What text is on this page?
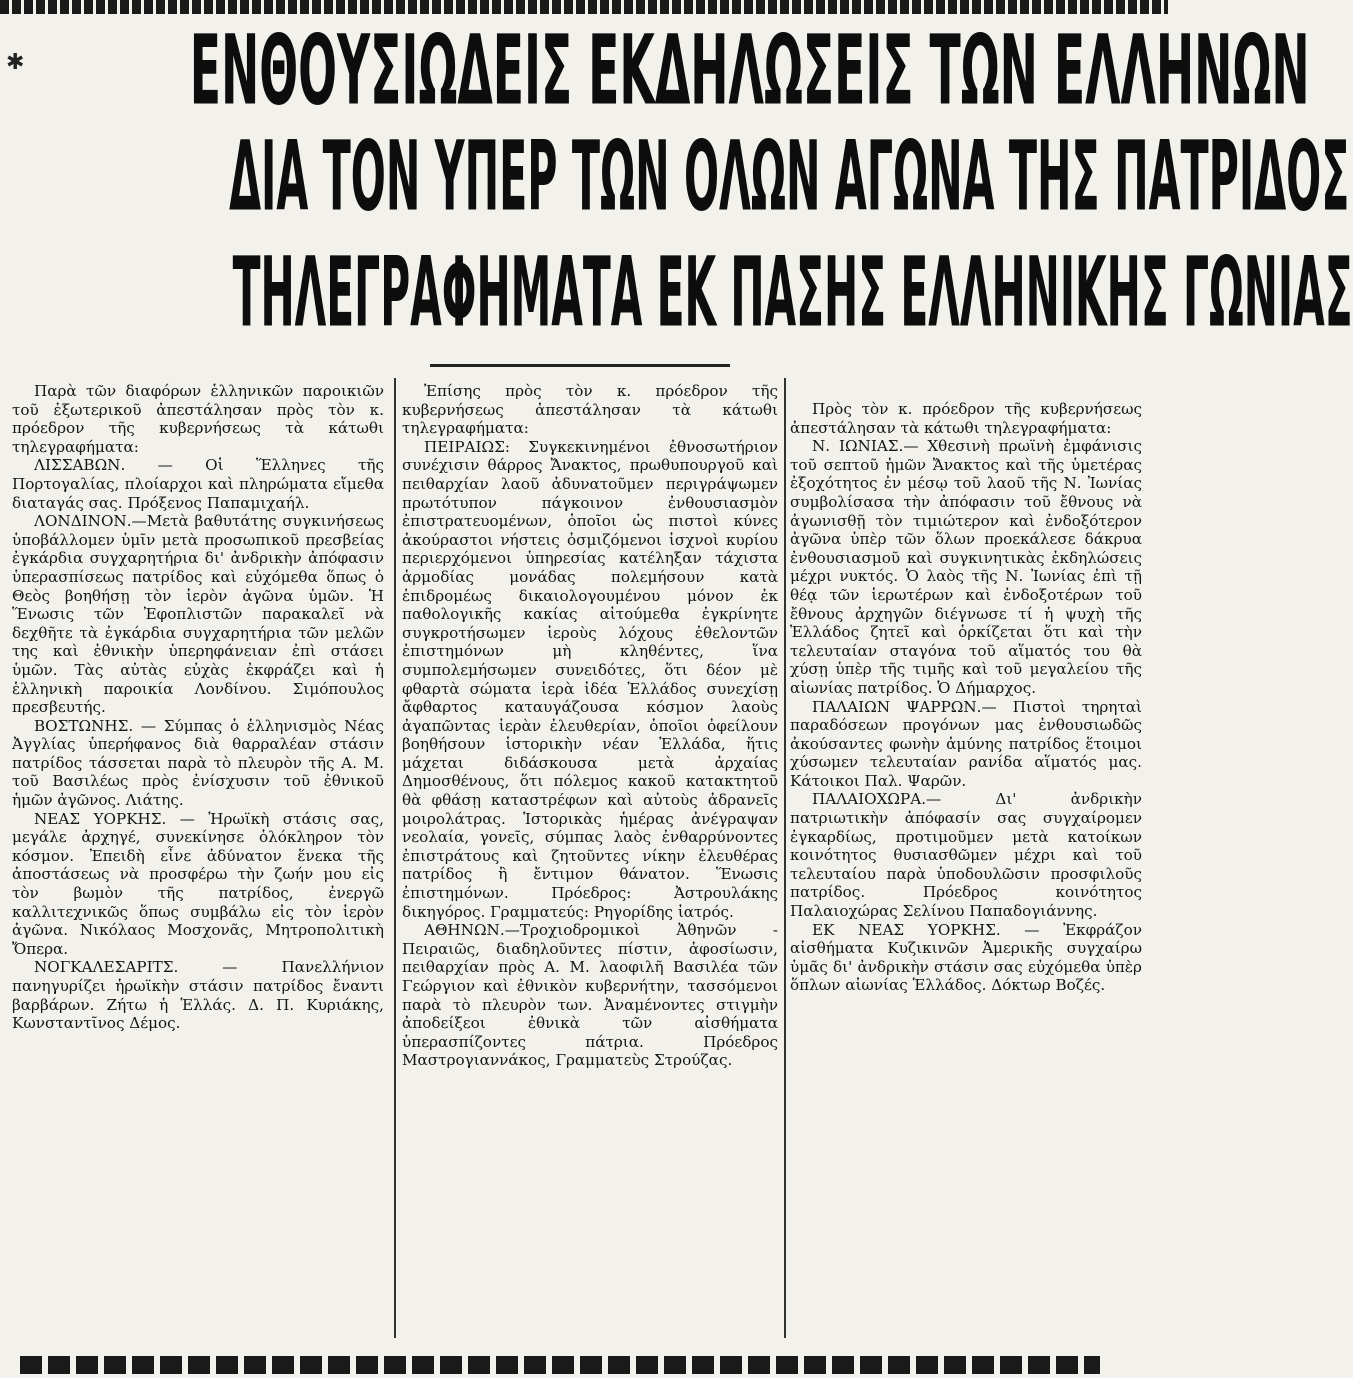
✱	ΕΝΘΟΥΣΙΩΔΕΙΣ ΕΚΔΗΛΩΣΕΙΣ ΤΩΝ ΕΛΛΗΝΩΝ
ΔΙΑ ΤΟΝ ΥΠΕΡ ΤΩΝ ΟΛΩΝ ΑΓΩΝΑ ΤΗΣ ΠΑΤΡΙΔΟΣ
ΤΗΛΕΓΡΑΦΗΜΑΤΑ ΕΚ ΠΑΣΗΣ ΕΛΛΗΝΙΚΗΣ ΓΩΝΙΑΣ

Παρὰ τῶν διαφόρων ἑλληνικῶν παροικιῶν τοῦ ἐξωτερικοῦ ἀπεστάλησαν πρὸς τὸν κ. πρόεδρον τῆς κυβερνήσεως τὰ κάτωθι τηλεγραφήματα:

ΛΙΣΣΑΒΩΝ. — Οἱ Ἕλληνες τῆς Πορτογαλίας, πλοίαρχοι καὶ πληρώματα εἴμεθα διαταγάς σας. Πρόξενος Παπαμιχαήλ.

ΛΟΝΔΙΝΟΝ.—Μετὰ βαθυτάτης συγκινήσεως ὑποβάλλομεν ὑμῖν μετὰ προσωπικοῦ πρεσβείας ἐγκάρδια συγχαρητήρια δι' ἀνδρικὴν ἀπόφασιν ὑπερασπίσεως πατρίδος καὶ εὐχόμεθα ὅπως ὁ Θεὸς βοηθήσῃ τὸν ἱερὸν ἀγῶνα ὑμῶν. Ἡ Ἕνωσις τῶν Ἐφοπλιστῶν παρακαλεῖ νὰ δεχθῆτε τὰ ἐγκάρδια συγχαρητήρια τῶν μελῶν της καὶ ἐθνικὴν ὑπερηφάνειαν ἐπὶ στάσει ὑμῶν. Τὰς αὐτὰς εὐχὰς ἐκφράζει καὶ ἡ ἑλληνικὴ παροικία Λονδίνου. Σιμόπουλος πρεσβευτής.

ΒΟΣΤΩΝΗΣ. — Σύμπας ὁ ἑλληνισμὸς Νέας Ἀγγλίας ὑπερήφανος διὰ θαρραλέαν στάσιν πατρίδος τάσσεται παρὰ τὸ πλευρὸν τῆς Α. Μ. τοῦ Βασιλέως πρὸς ἐνίσχυσιν τοῦ ἐθνικοῦ ἡμῶν ἀγῶνος. Λιάτης.

ΝΕΑΣ ΥΟΡΚΗΣ. — Ἡρωϊκὴ στάσις σας, μεγάλε ἀρχηγέ, συνεκίνησε ὁλόκληρον τὸν κόσμον. Ἐπειδὴ εἶνε ἀδύνατον ἕνεκα τῆς ἀποστάσεως νὰ προσφέρω τὴν ζωήν μου εἰς τὸν βωμὸν τῆς πατρίδος, ἐνεργῶ καλλιτεχνικῶς ὅπως συμβάλω εἰς τὸν ἱερὸν ἀγῶνα. Νικόλαος Μοσχονᾶς, Μητροπολιτικὴ Ὄπερα.

ΝΟΓΚΑΛΕΣΑΡΙΤΣ. — Πανελλήνιον πανηγυρίζει ἡρωϊκὴν στάσιν πατρίδος ἔναντι βαρβάρων. Ζήτω ἡ Ἑλλάς. Δ. Π. Κυριάκης, Κωνσταντῖνος Δέμος.

Ἐπίσης πρὸς τὸν κ. πρόεδρον τῆς κυβερνήσεως ἀπεστάλησαν τὰ κάτωθι τηλεγραφήματα:

ΠΕΙΡΑΙΩΣ: Συγκεκινημένοι ἐθνοσωτήριον συνέχισιν θάρρος Ἄνακτος, πρωθυπουργοῦ καὶ πειθαρχίαν λαοῦ ἀδυνατοῦμεν περιγράψωμεν πρωτότυπον πάγκοινον ἐνθουσιασμὸν ἐπιστρατευομένων, ὁποῖοι ὡς πιστοὶ κύνες ἀκούραστοι νήστεις ὀσμιζόμενοι ἰσχνοὶ κυρίου περιερχόμενοι ὑπηρεσίας κατέληξαν τάχιστα ἁρμοδίας μονάδας πολεμήσουν κατὰ ἐπιδρομέως δικαιολογουμένου μόνον ἐκ παθολογικῆς κακίας αἰτούμεθα ἐγκρίνητε συγκροτήσωμεν ἱεροὺς λόχους ἐθελοντῶν ἐπιστημόνων μὴ κληθέντες, ἵνα συμπολεμήσωμεν συνειδότες, ὅτι δέον μὲ φθαρτὰ σώματα ἱερὰ ἰδέα Ἑλλάδος συνεχίσῃ ἄφθαρτος καταυγάζουσα κόσμον λαοὺς ἀγαπῶντας ἱερὰν ἐλευθερίαν, ὁποῖοι ὀφείλουν βοηθήσουν ἱστορικὴν νέαν Ἑλλάδα, ἥτις μάχεται διδάσκουσα μετὰ ἀρχαίας Δημοσθένους, ὅτι πόλεμος κακοῦ κατακτητοῦ θὰ φθάσῃ καταστρέφων καὶ αὐτοὺς ἀδρανεῖς μοιρολάτρας. Ἱστορικὰς ἡμέρας ἀνέγραψαν νεολαία, γονεῖς, σύμπας λαὸς ἐνθαρρύνοντες ἐπιστράτους καὶ ζητοῦντες νίκην ἐλευθέρας πατρίδος ἢ ἔντιμον θάνατον. Ἕνωσις ἐπιστημόνων. Πρόεδρος: Ἀστρουλάκης δικηγόρος. Γραμματεύς: Ρηγορίδης ἰατρός.

ΑΘΗΝΩΝ.—Τροχιοδρομικοὶ Ἀθηνῶν - Πειραιῶς, διαδηλοῦντες πίστιν, ἀφοσίωσιν, πειθαρχίαν πρὸς Α. Μ. λαοφιλῆ Βασιλέα τῶν Γεώργιον καὶ ἐθνικὸν κυβερνήτην, τασσόμενοι παρὰ τὸ πλευρὸν των. Ἀναμένοντες στιγμὴν ἀποδείξεοι ἐθνικὰ τῶν αἰσθήματα ὑπερασπίζοντες πάτρια. Πρόεδρος Μαστρογιαννάκος, Γραμματεὺς Στρούζας.

Πρὸς τὸν κ. πρόεδρον τῆς κυβερνήσεως ἀπεστάλησαν τὰ κάτωθι τηλεγραφήματα:

Ν. ΙΩΝΙΑΣ.— Χθεσινὴ πρωϊνὴ ἐμφάνισις τοῦ σεπτοῦ ἡμῶν Ἄνακτος καὶ τῆς ὑμετέρας ἐξοχότητος ἐν μέσῳ τοῦ λαοῦ τῆς Ν. Ἰωνίας συμβολίσασα τὴν ἀπόφασιν τοῦ ἔθνους νὰ ἀγωνισθῇ τὸν τιμιώτερον καὶ ἐνδοξότερον ἀγῶνα ὑπὲρ τῶν ὅλων προεκάλεσε δάκρυα ἐνθουσιασμοῦ καὶ συγκινητικὰς ἐκδηλώσεις μέχρι νυκτός. Ὁ λαὸς τῆς Ν. Ἰωνίας ἐπὶ τῇ θέᾳ τῶν ἱερωτέρων καὶ ἐνδοξοτέρων τοῦ ἔθνους ἀρχηγῶν διέγνωσε τί ἡ ψυχὴ τῆς Ἑλλάδος ζητεῖ καὶ ὁρκίζεται ὅτι καὶ τὴν τελευταίαν σταγόνα τοῦ αἵματός του θὰ χύσῃ ὑπὲρ τῆς τιμῆς καὶ τοῦ μεγαλείου τῆς αἰωνίας πατρίδος. Ὁ Δήμαρχος.

ΠΑΛΑΙΩΝ ΨΑΡΡΩΝ.— Πιστοὶ τηρηταὶ παραδόσεων προγόνων μας ἐνθουσιωδῶς ἀκούσαντες φωνὴν ἀμύνης πατρίδος ἕτοιμοι χύσωμεν τελευταίαν ρανίδα αἵματός μας. Κάτοικοι Παλ. Ψαρῶν.

ΠΑΛΑΙΟΧΩΡΑ.— Δι' ἀνδρικὴν πατριωτικὴν ἀπόφασίν σας συγχαίρομεν ἐγκαρδίως, προτιμοῦμεν μετὰ κατοίκων κοινότητος θυσιασθῶμεν μέχρι καὶ τοῦ τελευταίου παρὰ ὑποδουλῶσιν προσφιλοῦς πατρίδος. Πρόεδρος κοινότητος Παλαιοχώρας Σελίνου Παπαδογιάννης.

ΕΚ ΝΕΑΣ ΥΟΡΚΗΣ. — Ἐκφράζον αἰσθήματα Κυζικινῶν Ἀμερικῆς συγχαίρω ὑμᾶς δι' ἀνδρικὴν στάσιν σας εὐχόμεθα ὑπὲρ ὅπλων αἰωνίας Ἑλλάδος. Δόκτωρ Βοζές.
